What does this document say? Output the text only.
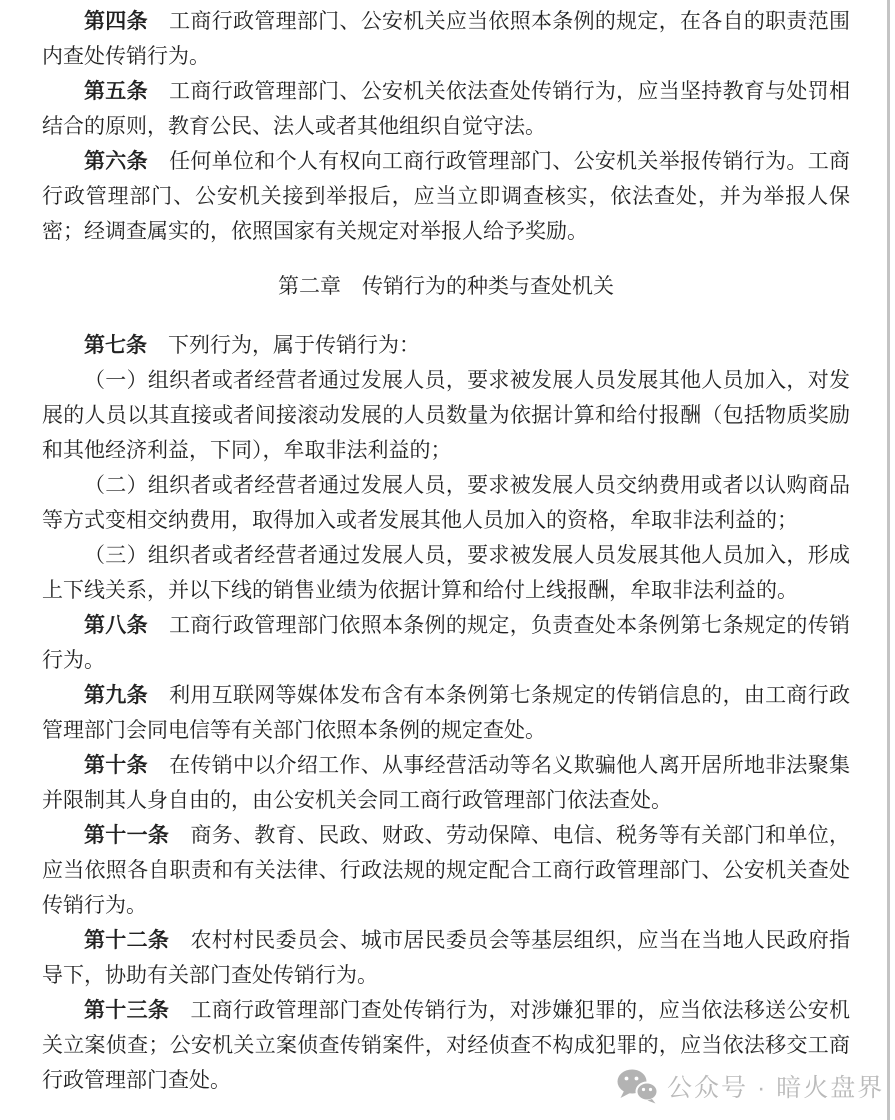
第四条　工商行政管理部门、公安机关应当依照本条例的规定，在各自的职责范围内查处传销行为。

第五条　工商行政管理部门、公安机关依法查处传销行为，应当坚持教育与处罚相结合的原则，教育公民、法人或者其他组织自觉守法。

第六条　任何单位和个人有权向工商行政管理部门、公安机关举报传销行为。工商行政管理部门、公安机关接到举报后，应当立即调查核实，依法查处，并为举报人保密；经调查属实的，依照国家有关规定对举报人给予奖励。

第二章　传销行为的种类与查处机关

第七条　下列行为，属于传销行为：

（一）组织者或者经营者通过发展人员，要求被发展人员发展其他人员加入，对发展的人员以其直接或者间接滚动发展的人员数量为依据计算和给付报酬（包括物质奖励和其他经济利益，下同），牟取非法利益的；

（二）组织者或者经营者通过发展人员，要求被发展人员交纳费用或者以认购商品等方式变相交纳费用，取得加入或者发展其他人员加入的资格，牟取非法利益的；

（三）组织者或者经营者通过发展人员，要求被发展人员发展其他人员加入，形成上下线关系，并以下线的销售业绩为依据计算和给付上线报酬，牟取非法利益的。

第八条　工商行政管理部门依照本条例的规定，负责查处本条例第七条规定的传销行为。

第九条　利用互联网等媒体发布含有本条例第七条规定的传销信息的，由工商行政管理部门会同电信等有关部门依照本条例的规定查处。

第十条　在传销中以介绍工作、从事经营活动等名义欺骗他人离开居所地非法聚集并限制其人身自由的，由公安机关会同工商行政管理部门依法查处。

第十一条　商务、教育、民政、财政、劳动保障、电信、税务等有关部门和单位，应当依照各自职责和有关法律、行政法规的规定配合工商行政管理部门、公安机关查处传销行为。

第十二条　农村村民委员会、城市居民委员会等基层组织，应当在当地人民政府指导下，协助有关部门查处传销行为。

第十三条　工商行政管理部门查处传销行为，对涉嫌犯罪的，应当依法移送公安机关立案侦查；公安机关立案侦查传销案件，对经侦查不构成犯罪的，应当依法移交工商行政管理部门查处。	公众号 · 暗火盘界
